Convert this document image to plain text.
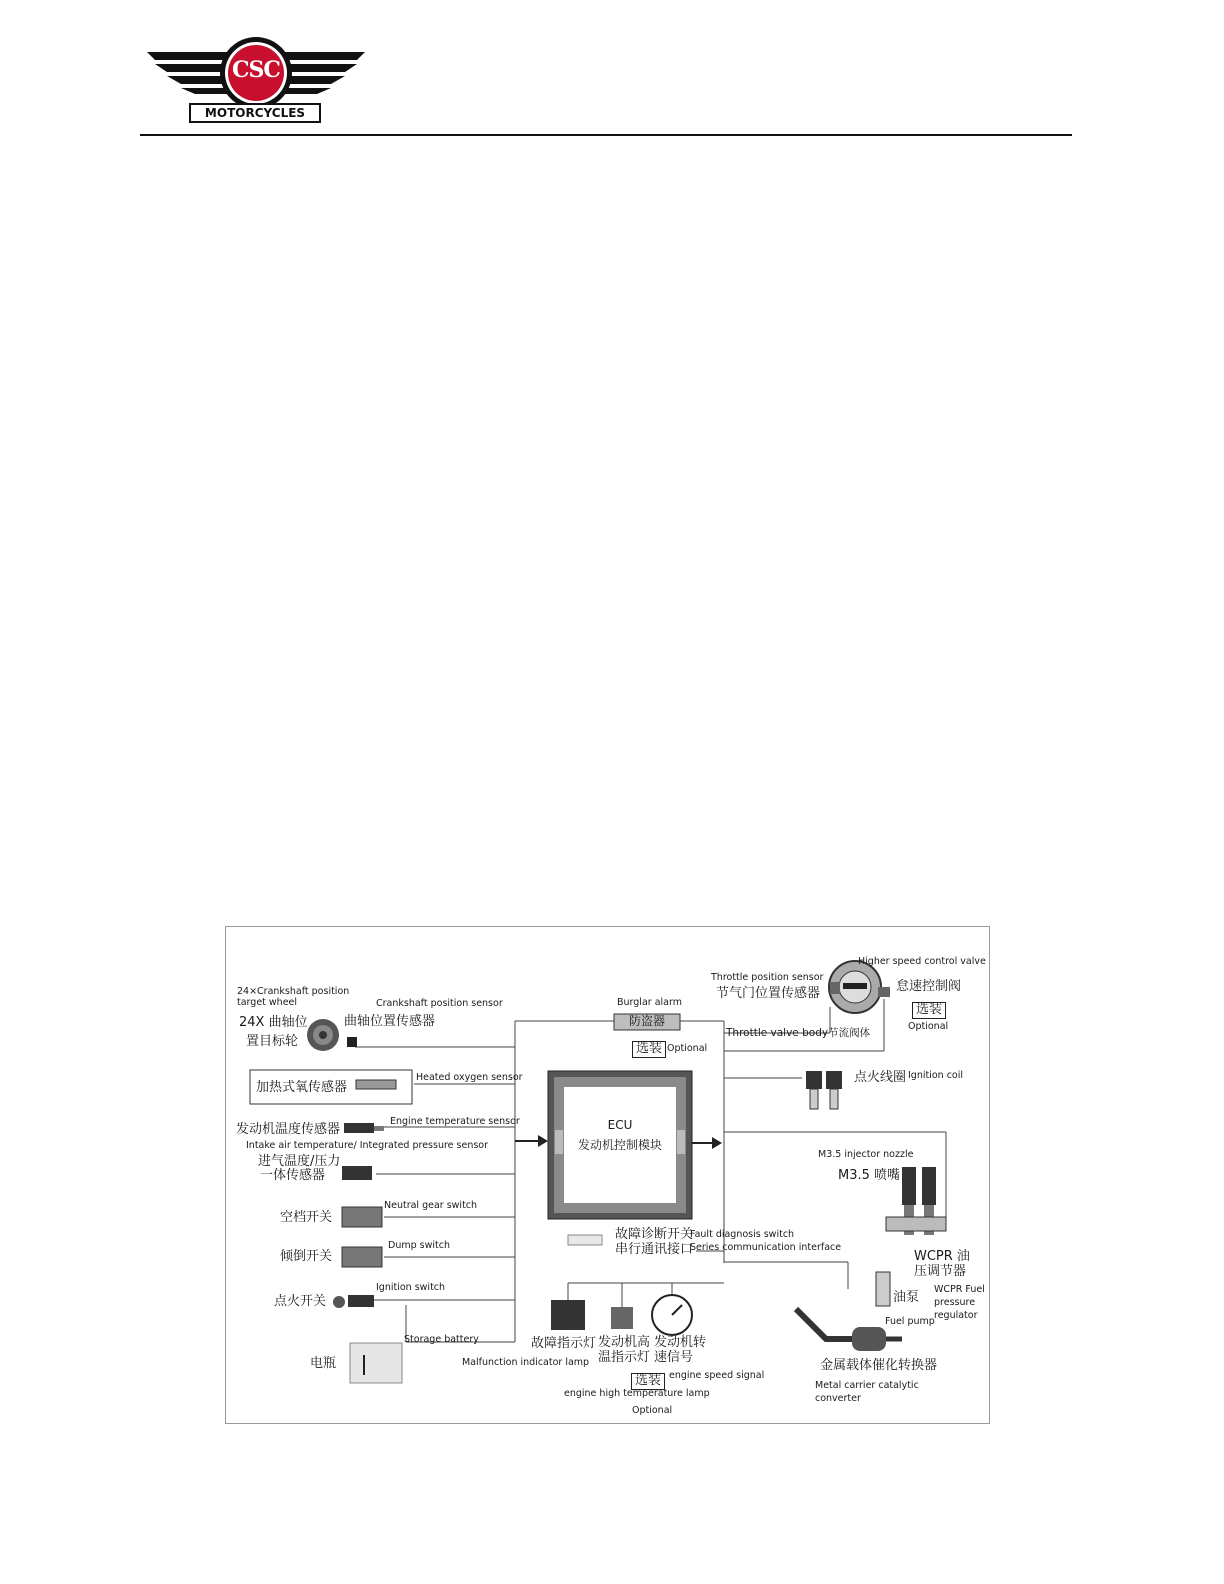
CSC
MOTORCYCLES
ECU
发动机控制模块
24×Crankshaft position target wheel
24X 曲轴位
置目标轮
Crankshaft position sensor
曲轴位置传感器
加热式氧传感器
Heated oxygen sensor
发动机温度传感器
Engine temperature sensor
Intake air temperature/ Integrated pressure sensor
进气温度/压力
一体传感器
空档开关
Neutral gear switch
倾倒开关
Dump switch
点火开关
Ignition switch
电瓶
Storage battery
Burglar alarm
防盗器
选装 Optional
Throttle position sensor
节气门位置传感器
Higher speed control valve
怠速控制阀
选装
Optional
Throttle valve body节流阀体
点火线圈 Ignition coil
M3.5 injector nozzle
M3.5 喷嘴
故障诊断开关
Fault diagnosis switch
串行通讯接口
Series communication interface
WCPR 油
压调节器
WCPR Fuel
pressure
regulator
油泵
Fuel pump
金属载体催化转换器
Metal carrier catalytic
converter
故障指示灯
Malfunction indicator lamp
发动机高
温指示灯
发动机转
速信号
选装 engine speed signal
engine high temperature lamp
Optional
